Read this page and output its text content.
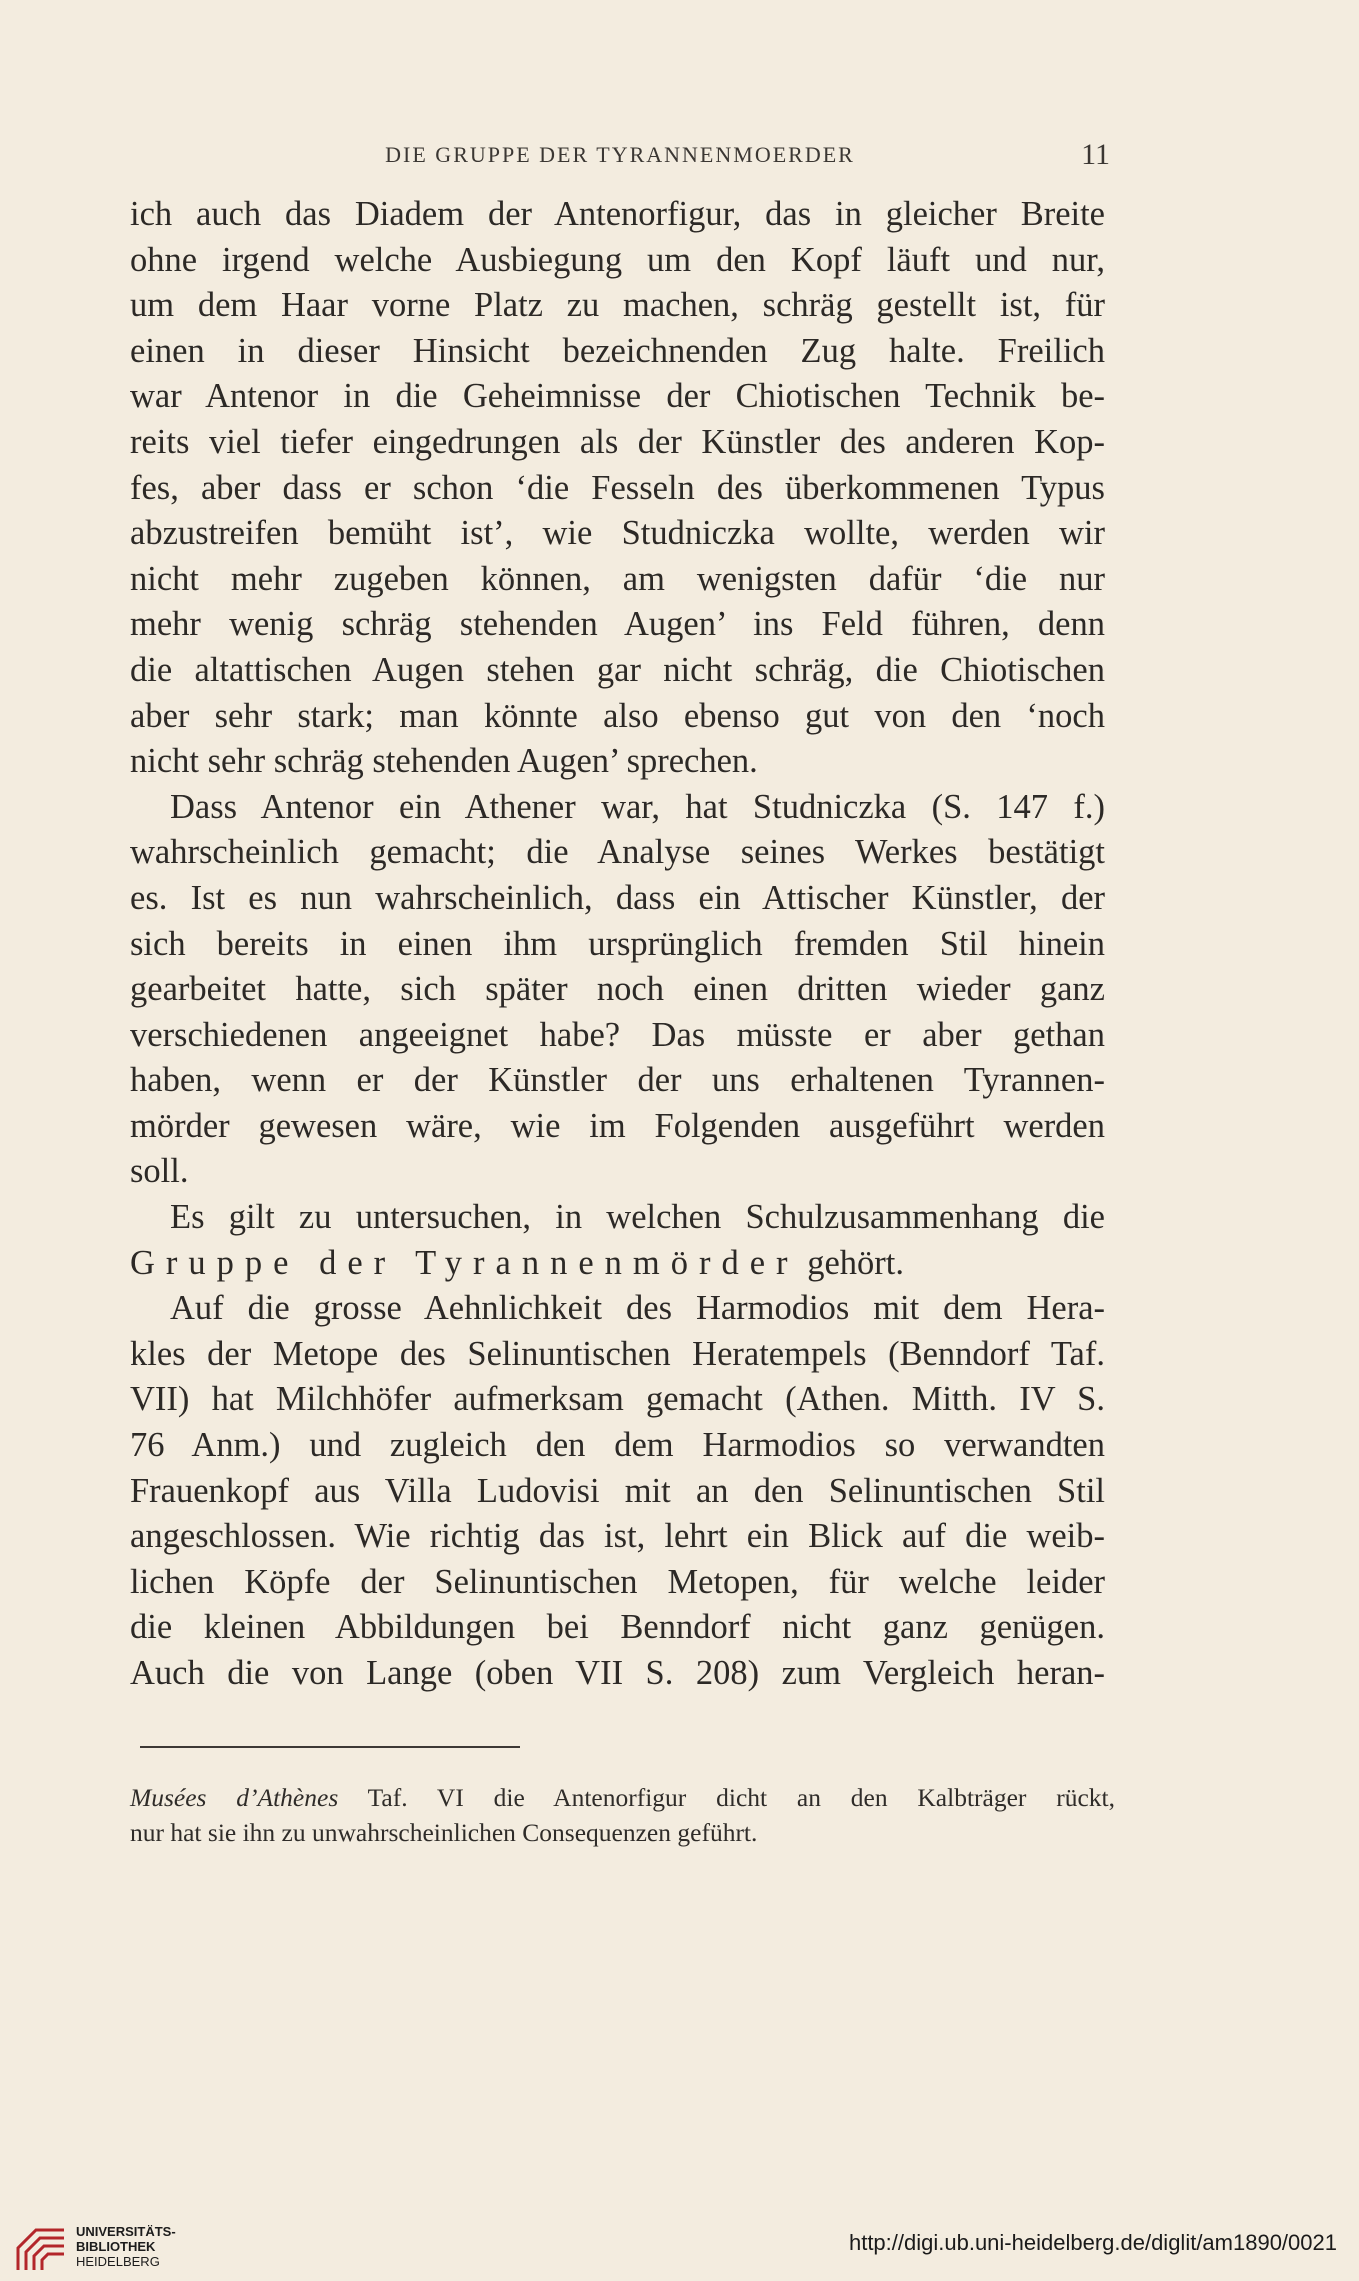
DIE GRUPPE DER TYRANNENMOERDER	11
ich auch das Diadem der Antenorfigur, das in gleicher Breite
ohne irgend welche Ausbiegung um den Kopf läuft und nur,
um dem Haar vorne Platz zu machen, schräg gestellt ist, für
einen in dieser Hinsicht bezeichnenden Zug halte. Freilich
war Antenor in die Geheimnisse der Chiotischen Technik be-
reits viel tiefer eingedrungen als der Künstler des anderen Kop-
fes, aber dass er schon ‘die Fesseln des überkommenen Typus
abzustreifen bemüht ist’, wie Studniczka wollte, werden wir
nicht mehr zugeben können, am wenigsten dafür ‘die nur
mehr wenig schräg stehenden Augen’ ins Feld führen, denn
die altattischen Augen stehen gar nicht schräg, die Chiotischen
aber sehr stark; man könnte also ebenso gut von den ‘noch
nicht sehr schräg stehenden Augen’ sprechen.
Dass Antenor ein Athener war, hat Studniczka (S. 147 f.)
wahrscheinlich gemacht; die Analyse seines Werkes bestätigt
es. Ist es nun wahrscheinlich, dass ein Attischer Künstler, der
sich bereits in einen ihm ursprünglich fremden Stil hinein
gearbeitet hatte, sich später noch einen dritten wieder ganz
verschiedenen angeeignet habe? Das müsste er aber gethan
haben, wenn er der Künstler der uns erhaltenen Tyrannen-
mörder gewesen wäre, wie im Folgenden ausgeführt werden
soll.
Es gilt zu untersuchen, in welchen Schulzusammenhang die
Gruppe der Tyrannenmörder gehört.
Auf die grosse Aehnlichkeit des Harmodios mit dem Hera-
kles der Metope des Selinuntischen Heratempels (Benndorf Taf.
VII) hat Milchhöfer aufmerksam gemacht (Athen. Mitth. IV S.
76 Anm.) und zugleich den dem Harmodios so verwandten
Frauenkopf aus Villa Ludovisi mit an den Selinuntischen Stil
angeschlossen. Wie richtig das ist, lehrt ein Blick auf die weib-
lichen Köpfe der Selinuntischen Metopen, für welche leider
die kleinen Abbildungen bei Benndorf nicht ganz genügen.
Auch die von Lange (oben VII S. 208) zum Vergleich heran-
Musées d’Athènes Taf. VI die Antenorfigur dicht an den Kalbträger rückt,
nur hat sie ihn zu unwahrscheinlichen Consequenzen geführt.
UNIVERSITÄTS-
BIBLIOTHEK
HEIDELBERG
http://digi.ub.uni-heidelberg.de/diglit/am1890/0021
